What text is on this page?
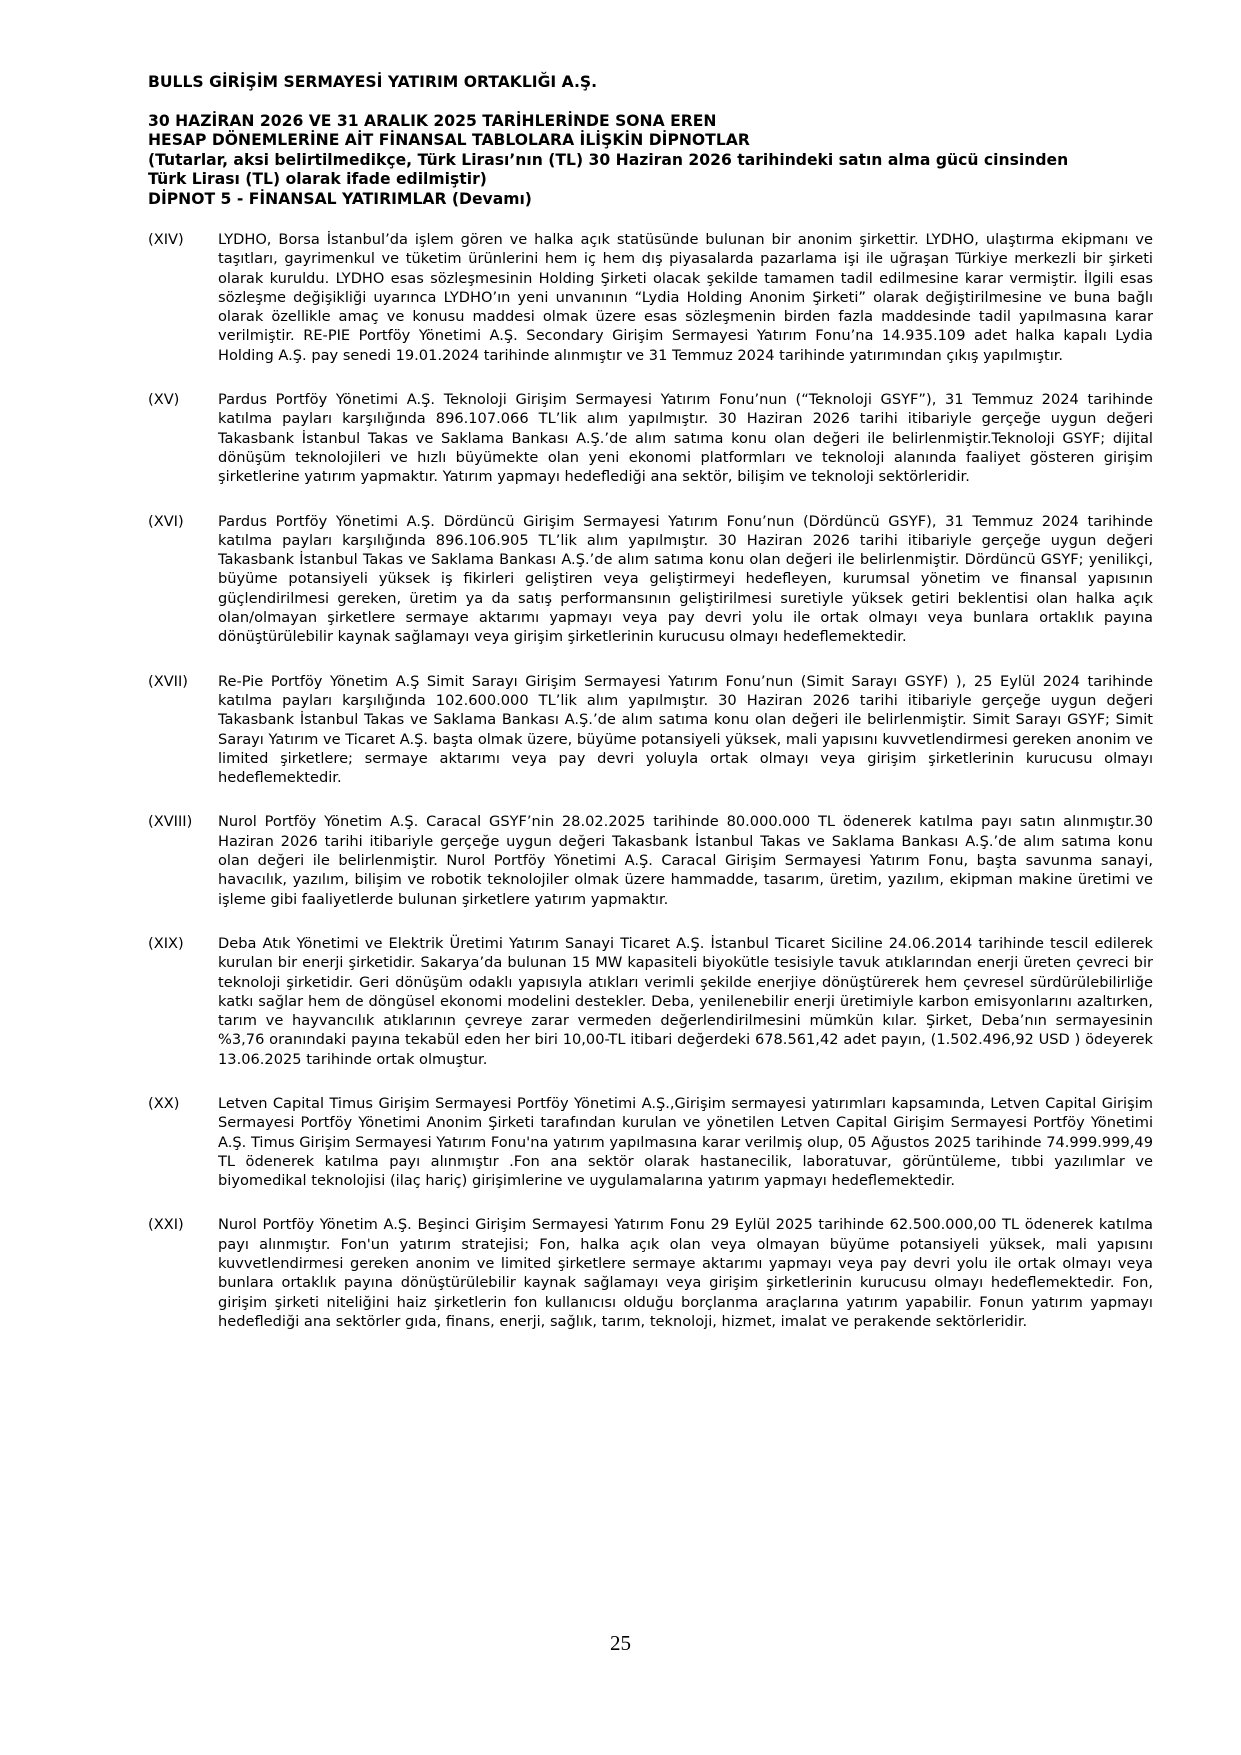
BULLS GİRİŞİM SERMAYESİ YATIRIM ORTAKLIĞI A.Ş.

30 HAZİRAN 2026 VE 31 ARALIK 2025 TARİHLERİNDE SONA EREN

HESAP DÖNEMLERİNE AİT FİNANSAL TABLOLARA İLİŞKİN DİPNOTLAR

(Tutarlar, aksi belirtilmedikçe, Türk Lirası’nın (TL) 30 Haziran 2026 tarihindeki satın alma gücü cinsinden

Türk Lirası (TL) olarak ifade edilmiştir)

DİPNOT 5 - FİNANSAL YATIRIMLAR (Devamı)

(XIV) LYDHO, Borsa İstanbul’da işlem gören ve halka açık statüsünde bulunan bir anonim şirkettir. LYDHO, ulaştırma ekipmanı ve taşıtları, gayrimenkul ve tüketim ürünlerini hem iç hem dış piyasalarda pazarlama işi ile uğraşan Türkiye merkezli bir şirketi olarak kuruldu. LYDHO esas sözleşmesinin Holding Şirketi olacak şekilde tamamen tadil edilmesine karar vermiştir. İlgili esas sözleşme değişikliği uyarınca LYDHO’ın yeni unvanının “Lydia Holding Anonim Şirketi” olarak değiştirilmesine ve buna bağlı olarak özellikle amaç ve konusu maddesi olmak üzere esas sözleşmenin birden fazla maddesinde tadil yapılmasına karar verilmiştir. RE-PIE Portföy Yönetimi A.Ş. Secondary Girişim Sermayesi Yatırım Fonu’na 14.935.109 adet halka kapalı Lydia Holding A.Ş. pay senedi 19.01.2024 tarihinde alınmıştır ve 31 Temmuz 2024 tarihinde yatırımından çıkış yapılmıştır.
(XV)	Pardus Portföy Yönetimi A.Ş. Teknoloji Girişim Sermayesi Yatırım Fonu’nun (“Teknoloji GSYF”), 31 Temmuz 2024 tarihinde katılma payları karşılığında 896.107.066 TL’lik alım yapılmıştır. 30 Haziran 2026 tarihi itibariyle gerçeğe uygun değeri Takasbank İstanbul Takas ve Saklama Bankası A.Ş.’de alım satıma konu olan değeri ile belirlenmiştir.Teknoloji GSYF; dijital dönüşüm teknolojileri ve hızlı büyümekte olan yeni ekonomi platformları ve teknoloji alanında faaliyet gösteren girişim şirketlerine yatırım yapmaktır. Yatırım yapmayı hedeflediği ana sektör, bilişim ve teknoloji sektörleridir.
(XVI) Pardus Portföy Yönetimi A.Ş. Dördüncü Girişim Sermayesi Yatırım Fonu’nun (Dördüncü GSYF), 31 Temmuz 2024 tarihinde katılma payları karşılığında 896.106.905 TL’lik alım yapılmıştır. 30 Haziran 2026 tarihi itibariyle gerçeğe uygun değeri Takasbank İstanbul Takas ve Saklama Bankası A.Ş.’de alım satıma konu olan değeri ile belirlenmiştir. Dördüncü GSYF; yenilikçi, büyüme potansiyeli yüksek iş fikirleri geliştiren veya geliştirmeyi hedefleyen, kurumsal yönetim ve finansal yapısının güçlendirilmesi gereken, üretim ya da satış performansının geliştirilmesi suretiyle yüksek getiri beklentisi olan halka açık olan/olmayan şirketlere sermaye aktarımı yapmayı veya pay devri yolu ile ortak olmayı veya bunlara ortaklık payına dönüştürülebilir kaynak sağlamayı veya girişim şirketlerinin kurucusu olmayı hedeflemektedir.
(XVII) Re-Pie Portföy Yönetim A.Ş Simit Sarayı Girişim Sermayesi Yatırım Fonu’nun (Simit Sarayı GSYF) ), 25 Eylül 2024 tarihinde katılma payları karşılığında 102.600.000 TL’lik alım yapılmıştır. 30 Haziran 2026 tarihi itibariyle gerçeğe uygun değeri Takasbank İstanbul Takas ve Saklama Bankası A.Ş.’de alım satıma konu olan değeri ile belirlenmiştir. Simit Sarayı GSYF; Simit Sarayı Yatırım ve Ticaret A.Ş. başta olmak üzere, büyüme potansiyeli yüksek, mali yapısını kuvvetlendirmesi gereken anonim ve limited şirketlere; sermaye aktarımı veya pay devri yoluyla ortak olmayı veya girişim şirketlerinin kurucusu olmayı hedeflemektedir.
(XVIII) Nurol Portföy Yönetim A.Ş. Caracal GSYF’nin 28.02.2025 tarihinde 80.000.000 TL ödenerek katılma payı satın alınmıştır.30 Haziran 2026 tarihi itibariyle gerçeğe uygun değeri Takasbank İstanbul Takas ve Saklama Bankası A.Ş.’de alım satıma konu olan değeri ile belirlenmiştir. Nurol Portföy Yönetimi A.Ş. Caracal Girişim Sermayesi Yatırım Fonu, başta savunma sanayi, havacılık, yazılım, bilişim ve robotik teknolojiler olmak üzere hammadde, tasarım, üretim, yazılım, ekipman makine üretimi ve işleme gibi faaliyetlerde bulunan şirketlere yatırım yapmaktır.
(XIX) Deba Atık Yönetimi ve Elektrik Üretimi Yatırım Sanayi Ticaret A.Ş. İstanbul Ticaret Siciline 24.06.2014 tarihinde tescil edilerek kurulan bir enerji şirketidir. Sakarya’da bulunan 15 MW kapasiteli biyokütle tesisiyle tavuk atıklarından enerji üreten çevreci bir teknoloji şirketidir. Geri dönüşüm odaklı yapısıyla atıkları verimli şekilde enerjiye dönüştürerek hem çevresel sürdürülebilirliğe katkı sağlar hem de döngüsel ekonomi modelini destekler. Deba, yenilenebilir enerji üretimiyle karbon emisyonlarını azaltırken, tarım ve hayvancılık atıklarının çevreye zarar vermeden değerlendirilmesini mümkün kılar. Şirket, Deba’nın sermayesinin %3,76 oranındaki payına tekabül eden her biri 10,00-TL itibari değerdeki 678.561,42 adet payın, (1.502.496,92 USD ) ödeyerek 13.06.2025 tarihinde ortak olmuştur.
(XX)	Letven Capital Timus Girişim Sermayesi Portföy Yönetimi A.Ş.,Girişim sermayesi yatırımları kapsamında, Letven Capital Girişim Sermayesi Portföy Yönetimi Anonim Şirketi tarafından kurulan ve yönetilen Letven Capital Girişim Sermayesi Portföy Yönetimi A.Ş. Timus Girişim Sermayesi Yatırım Fonu'na yatırım yapılmasına karar verilmiş olup, 05 Ağustos 2025 tarihinde 74.999.999,49 TL ödenerek katılma payı alınmıştır .Fon ana sektör olarak hastanecilik, laboratuvar, görüntüleme, tıbbi yazılımlar ve biyomedikal teknolojisi (ilaç hariç) girişimlerine ve uygulamalarına yatırım yapmayı hedeflemektedir.
(XXI) Nurol Portföy Yönetim A.Ş. Beşinci Girişim Sermayesi Yatırım Fonu 29 Eylül 2025 tarihinde 62.500.000,00 TL ödenerek katılma payı alınmıştır. Fon'un yatırım stratejisi; Fon, halka açık olan veya olmayan büyüme potansiyeli yüksek, mali yapısını kuvvetlendirmesi gereken anonim ve limited şirketlere sermaye aktarımı yapmayı veya pay devri yolu ile ortak olmayı veya bunlara ortaklık payına dönüştürülebilir kaynak sağlamayı veya girişim şirketlerinin kurucusu olmayı hedeflemektedir. Fon, girişim şirketi niteliğini haiz şirketlerin fon kullanıcısı olduğu borçlanma araçlarına yatırım yapabilir. Fonun yatırım yapmayı hedeflediği ana sektörler gıda, finans, enerji, sağlık, tarım, teknoloji, hizmet, imalat ve perakende sektörleridir.
25
